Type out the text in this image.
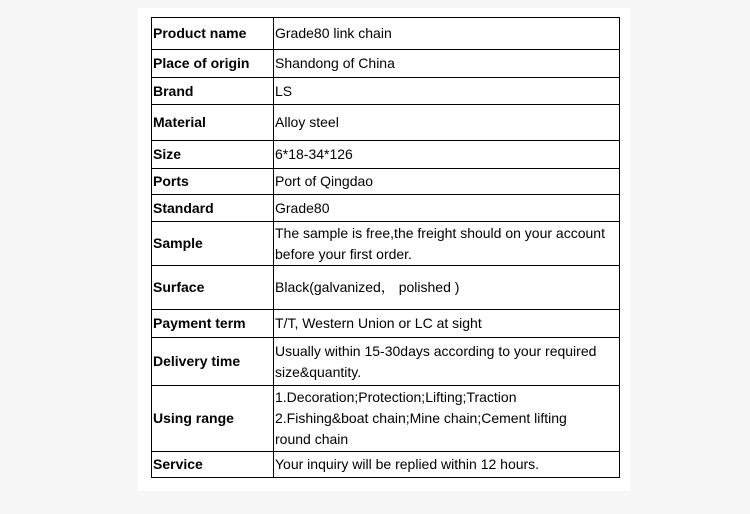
Product name	Grade80 link chain

Place of origin	Shandong of China

Brand	LS

Material	Alloy steel

Size	6*18-34*126

Ports	Port of Qingdao

Standard	Grade80

Sample	The sample is free,the freight should on your account
before your first order.

Surface	Black(galvanized， polished )

Payment term	T/T, Western Union or LC at sight

Delivery time	Usually within 15-30days according to your required
size&quantity.

Using range	1.Decoration;Protection;Lifting;Traction
2.Fishing&boat chain;Mine chain;Cement lifting
round chain

Service	Your inquiry will be replied within 12 hours.
